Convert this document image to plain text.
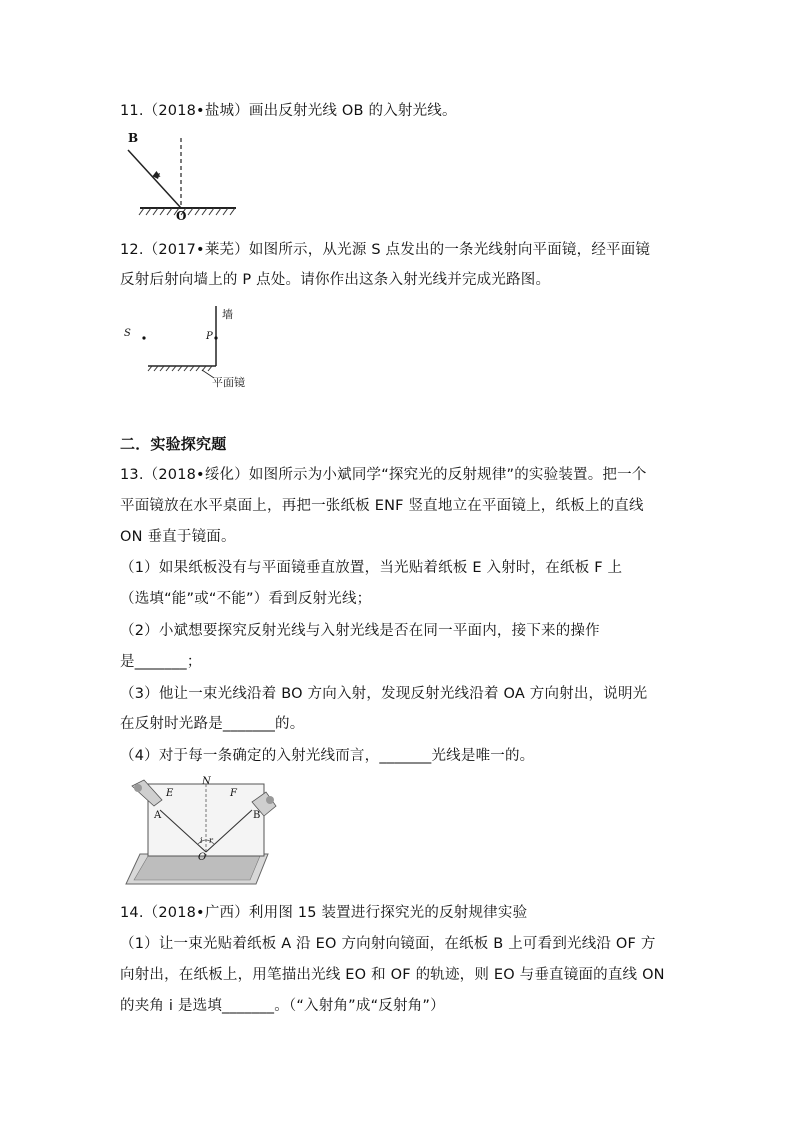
11.（2018•盐城）画出反射光线 OB 的入射光线。
B
O
12.（2017•莱芜）如图所示，从光源 S 点发出的一条光线射向平面镜，经平面镜
反射后射向墙上的 P 点处。请你作出这条入射光线并完成光路图。
S	P
墙
平面镜
二．实验探究题
13.（2018•绥化）如图所示为小斌同学“探究光的反射规律”的实验装置。把一个
平面镜放在水平桌面上，再把一张纸板 ENF 竖直地立在平面镜上，纸板上的直线
ON 垂直于镜面。
（1）如果纸板没有与平面镜垂直放置，当光贴着纸板 E 入射时，在纸板 F 上
（选填“能”或“不能”）看到反射光线；
（2）小斌想要探究反射光线与入射光线是否在同一平面内，接下来的操作
是_______；
（3）他让一束光线沿着 BO 方向入射，发现反射光线沿着 OA 方向射出，说明光
在反射时光路是_______的。
（4）对于每一条确定的入射光线而言，_______光线是唯一的。
E
N
F
A	B
i r
O
14.（2018•广西）利用图 15 装置进行探究光的反射规律实验
（1）让一束光贴着纸板 A 沿 EO 方向射向镜面，在纸板 B 上可看到光线沿 OF 方
向射出，在纸板上，用笔描出光线 EO 和 OF 的轨迹，则 EO 与垂直镜面的直线 ON
的夹角 i 是选填_______。（“入射角”成“反射角”）
